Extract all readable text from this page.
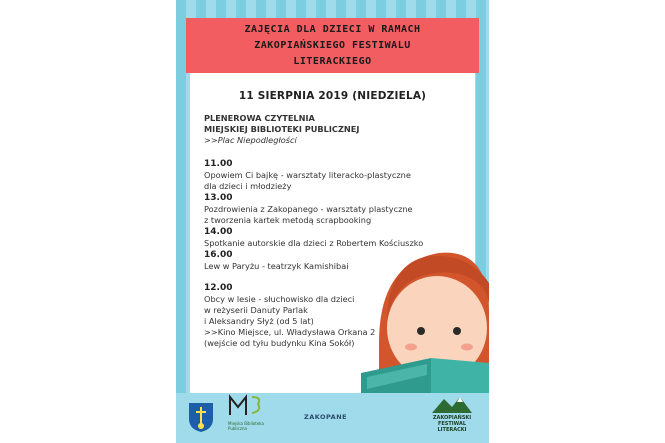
ZAJĘCIA DLA DZIECI W RAMACH
ZAKOPIAŃSKIEGO FESTIWALU
LITERACKIEGO
11 SIERPNIA 2019 (NIEDZIELA)
PLENEROWA CZYTELNIA
MIEJSKIEJ BIBLIOTEKI PUBLICZNEJ
>>Plac Niepodległości
11.00
Opowiem Ci bajkę - warsztaty literacko-plastyczne
dla dzieci i młodzieży
13.00
Pozdrowienia z Zakopanego - warsztaty plastyczne
z tworzenia kartek metodą scrapbooking
14.00
Spotkanie autorskie dla dzieci z Robertem Kościuszko
16.00
Lew w Paryżu - teatrzyk Kamishibai
12.00
Obcy w lesie - słuchowisko dla dzieci
w reżyserii Danuty Parlak
i Aleksandry Słyż (od 5 lat)
>>Kino Miejsce, ul. Władysława Orkana 2
(wejście od tyłu budynku Kina Sokół)
Miejska Biblioteka Publiczna
ZAKOPANE	ZAKOPIAŃSKI
FESTIWAL LITERACKI
